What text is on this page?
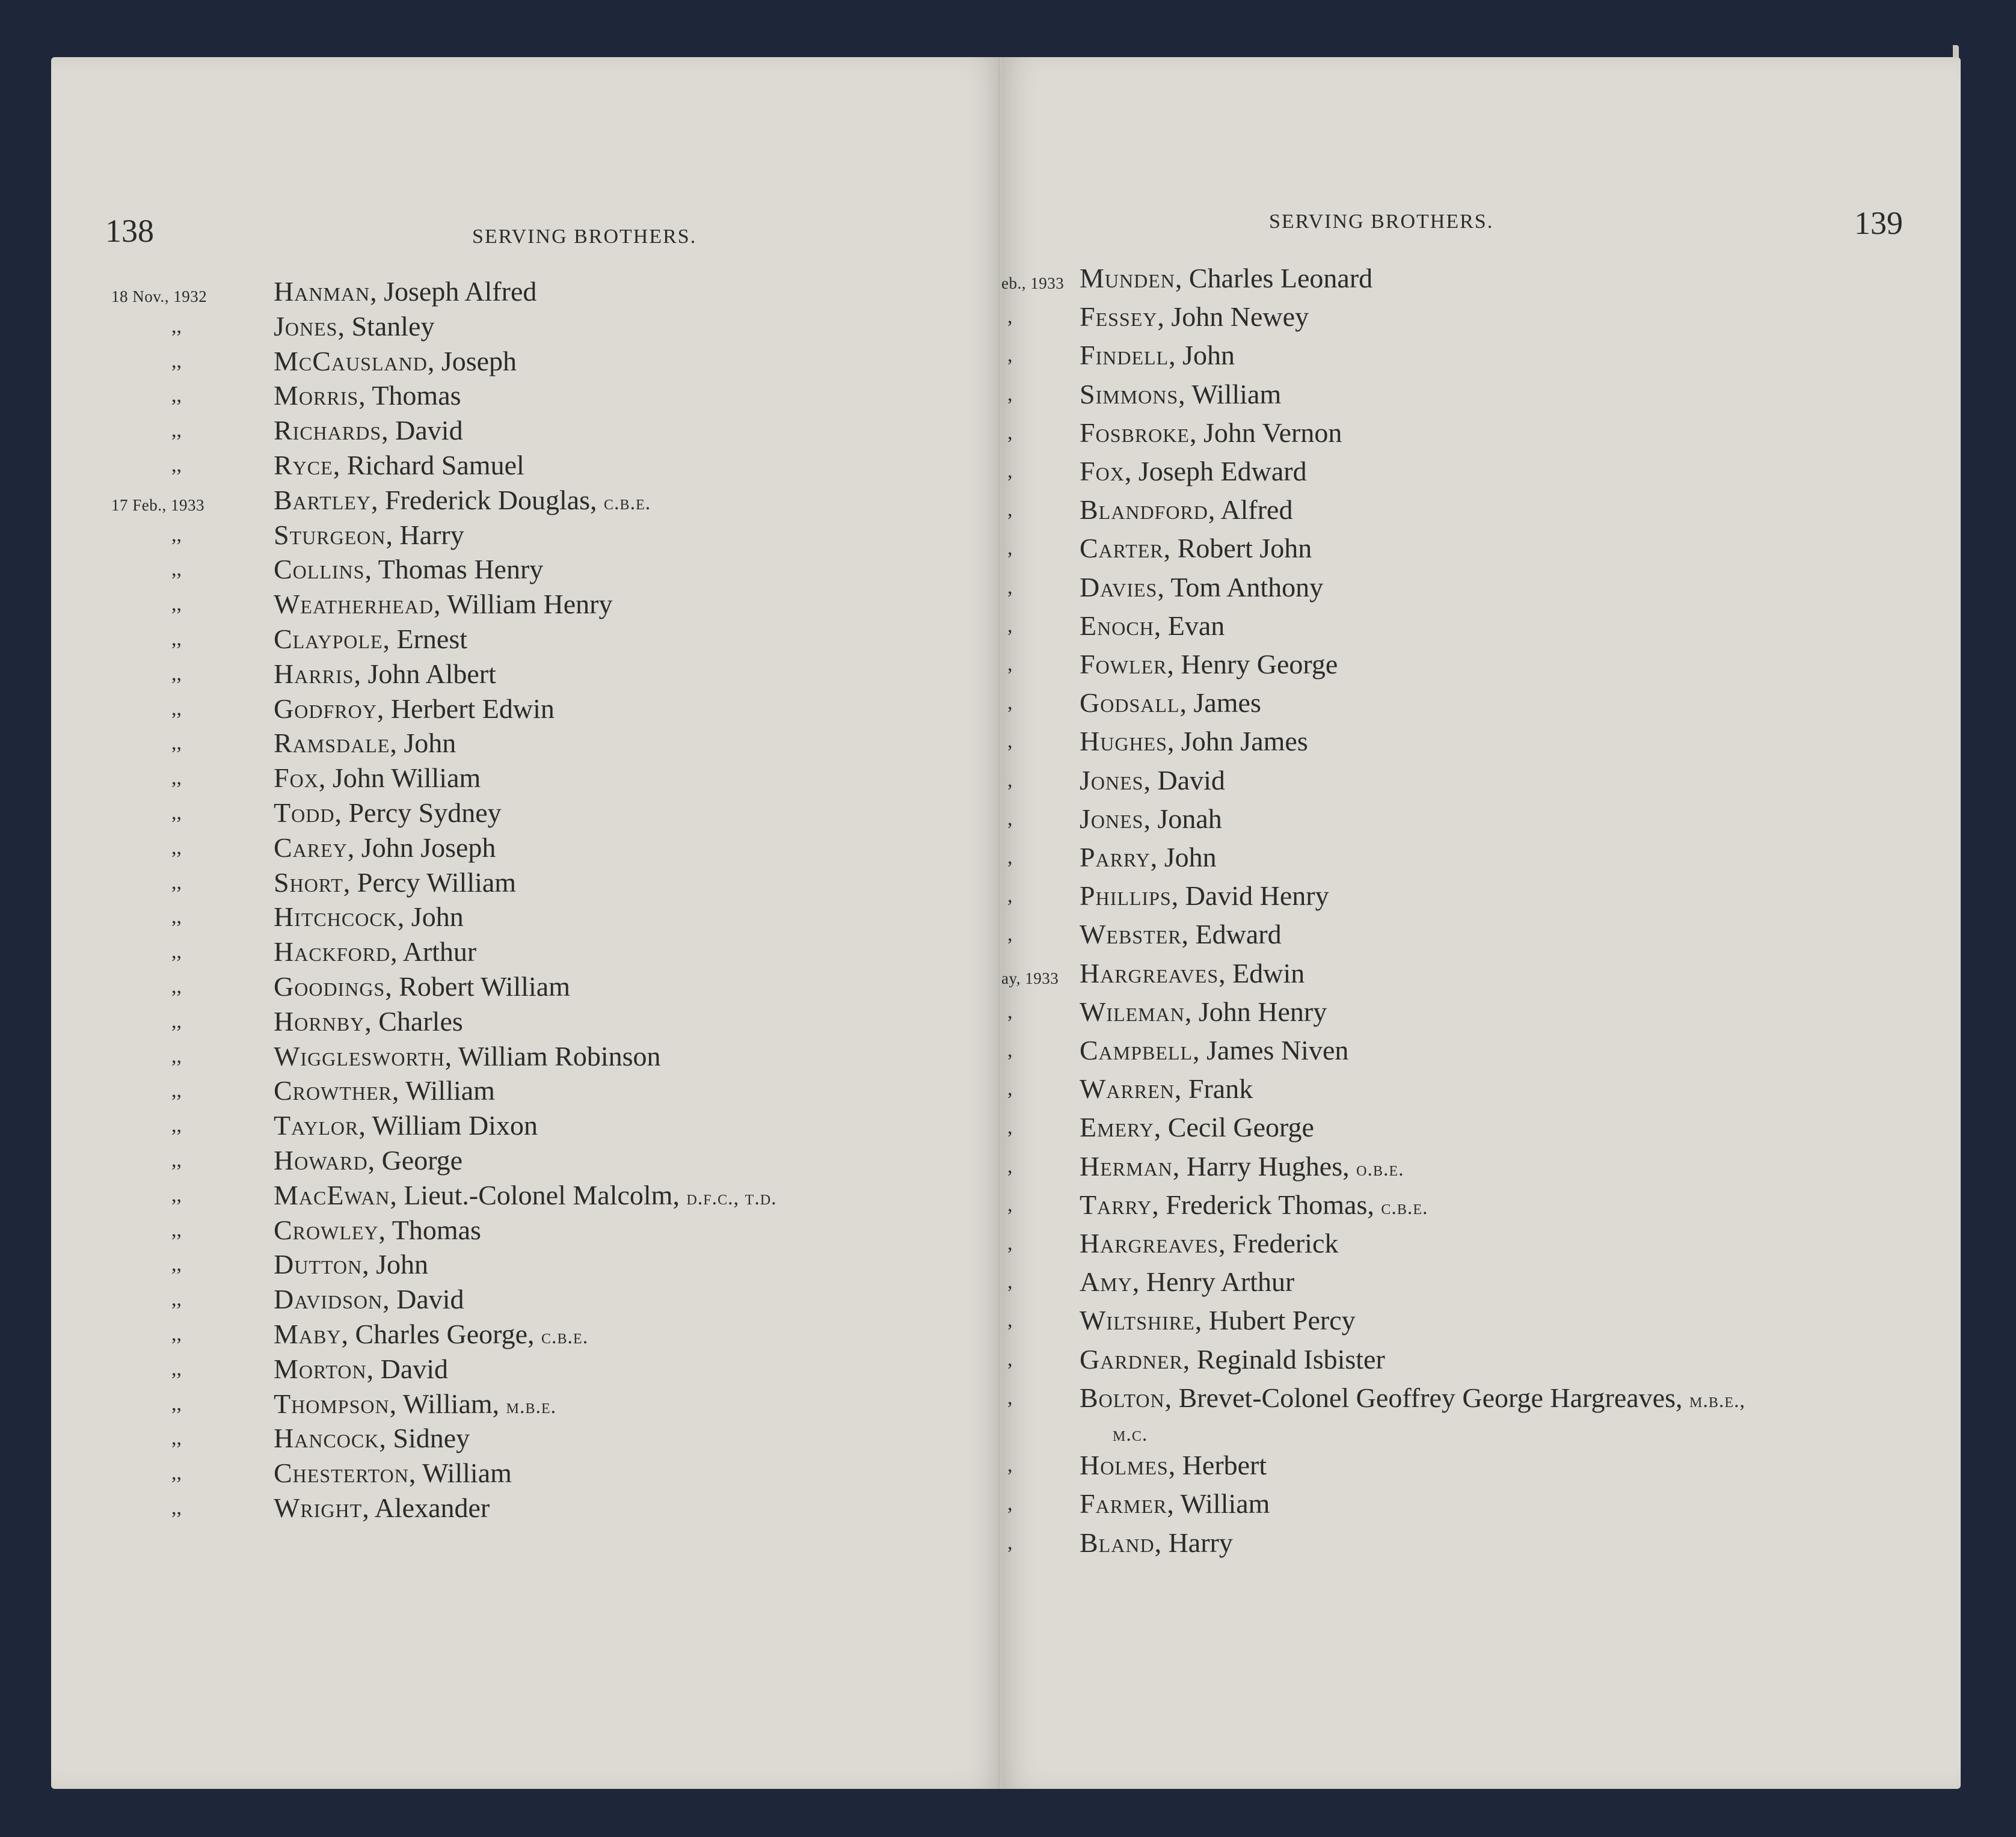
138	SERVING BROTHERS.
18 Nov., 1932 Hanman, Joseph Alfred
,,	Jones, Stanley
,,	McCausland, Joseph
,,	Morris, Thomas
,,	Richards, David
,,	Ryce, Richard Samuel
17 Feb., 1933	Bartley, Frederick Douglas, c.b.e.
,,	Sturgeon, Harry
,,	Collins, Thomas Henry
,,	Weatherhead, William Henry
,,	Claypole, Ernest
,,	Harris, John Albert
,,	Godfroy, Herbert Edwin
,,	Ramsdale, John
,,	Fox, John William
,,	Todd, Percy Sydney
,,	Carey, John Joseph
,,	Short, Percy William
,,	Hitchcock, John
,,	Hackford, Arthur
,,	Goodings, Robert William
,,	Hornby, Charles
,,	Wigglesworth, William Robinson
,,	Crowther, William
,,	Taylor, William Dixon
,,	Howard, George
,,	MacEwan, Lieut.-Colonel Malcolm, d.f.c., t.d.
,,	Crowley, Thomas
,,	Dutton, John
,,	Davidson, David
,,	Maby, Charles George, c.b.e.
,,	Morton, David
,,	Thompson, William, m.b.e.
,,	Hancock, Sidney
,,	Chesterton, William
,,	Wright, Alexander
SERVING BROTHERS.	139
eb., 1933 Munden, Charles Leonard
, Fessey, John Newey
, Findell, John
, Simmons, William
, Fosbroke, John Vernon
, Fox, Joseph Edward
, Blandford, Alfred
, Carter, Robert John
, Davies, Tom Anthony
, Enoch, Evan
, Fowler, Henry George
, Godsall, James
, Hughes, John James
, Jones, David
, Jones, Jonah
, Parry, John
, Phillips, David Henry
, Webster, Edward
ay, 1933 Hargreaves, Edwin
, Wileman, John Henry
, Campbell, James Niven
, Warren, Frank
, Emery, Cecil George
, Herman, Harry Hughes, o.b.e.
, Tarry, Frederick Thomas, c.b.e.
, Hargreaves, Frederick
, Amy, Henry Arthur
, Wiltshire, Hubert Percy
, Gardner, Reginald Isbister
, Bolton, Brevet-Colonel Geoffrey George Hargreaves, m.b.e.,
m.c.
, Holmes, Herbert
, Farmer, William
, Bland, Harry
